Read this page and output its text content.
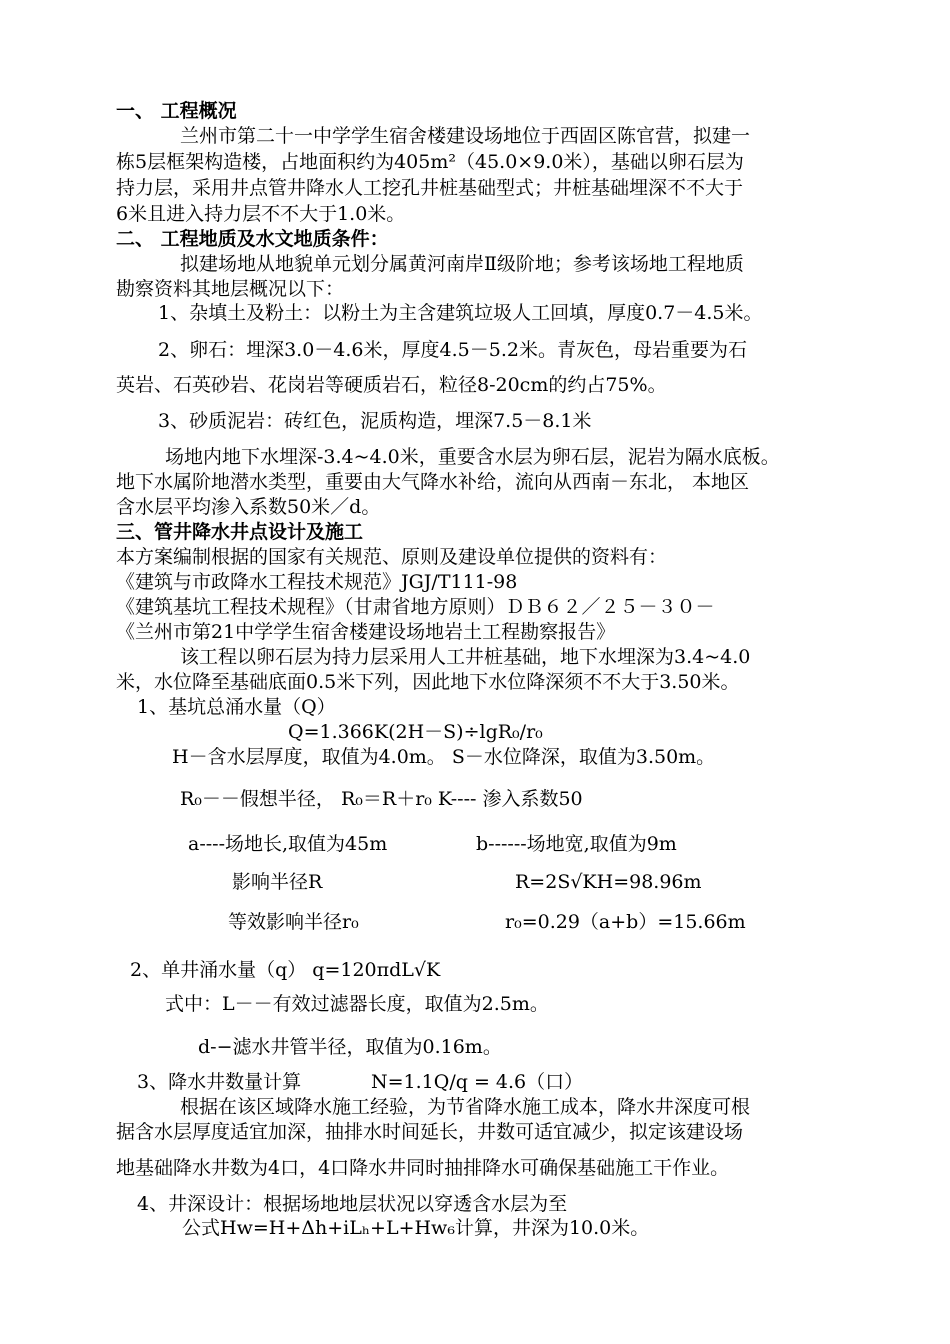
一、 工程概况
兰州市第二十一中学学生宿舍楼建设场地位于西固区陈官营，拟建一
栋5层框架构造楼，占地面积约为405m²（45.0×9.0米），基础以卵石层为
持力层，采用井点管井降水人工挖孔井桩基础型式；井桩基础埋深不不大于
6米且进入持力层不不大于1.0米。
二、 工程地质及水文地质条件：
拟建场地从地貌单元划分属黄河南岸Ⅱ级阶地；参考该场地工程地质
勘察资料其地层概况以下：
1、杂填土及粉土：以粉土为主含建筑垃圾人工回填，厚度0.7－4.5米。
2、卵石：埋深3.0－4.6米，厚度4.5－5.2米。青灰色，母岩重要为石
英岩、石英砂岩、花岗岩等硬质岩石，粒径8-20cm的约占75%。
3、砂质泥岩：砖红色，泥质构造，埋深7.5－8.1米
场地内地下水埋深-3.4~4.0米，重要含水层为卵石层，泥岩为隔水底板。
地下水属阶地潜水类型，重要由大气降水补给，流向从西南－东北， 本地区
含水层平均渗入系数50米／d。
三、管井降水井点设计及施工
本方案编制根据的国家有关规范、原则及建设单位提供的资料有：
《建筑与市政降水工程技术规范》JGJ/T111-98
《建筑基坑工程技术规程》（甘肃省地方原则）ＤＢ６２／２５－３０－
《兰州市第21中学学生宿舍楼建设场地岩土工程勘察报告》
该工程以卵石层为持力层采用人工井桩基础，地下水埋深为3.4~4.0
米，水位降至基础底面0.5米下列，因此地下水位降深须不不大于3.50米。
1、基坑总涌水量（Q）
Q=1.366K(2H－S)÷lgR₀/r₀
H－含水层厚度，取值为4.0m。 S－水位降深，取值为3.50m。
R₀－－假想半径， R₀＝R＋r₀ K---- 渗入系数50
a----场地长,取值为45m	b------场地宽,取值为9m
影响半径R	R=2S√KH=98.96m
等效影响半径r₀	r₀=0.29（a+b）=15.66m
2、单井涌水量（q） q=120πdL√K
式中：L－－有效过滤器长度，取值为2.5m。
d-−滤水井管半径，取值为0.16m。
3、降水井数量计算	N=1.1Q/q = 4.6（口）
根据在该区域降水施工经验，为节省降水施工成本，降水井深度可根
据含水层厚度适宜加深，抽排水时间延长，井数可适宜减少，拟定该建设场
地基础降水井数为4口，4口降水井同时抽排降水可确保基础施工干作业。
4、井深设计：根据场地地层状况以穿透含水层为至
公式Hw=H+Δh+iLₕ+L+Hw₆计算，井深为10.0米。
